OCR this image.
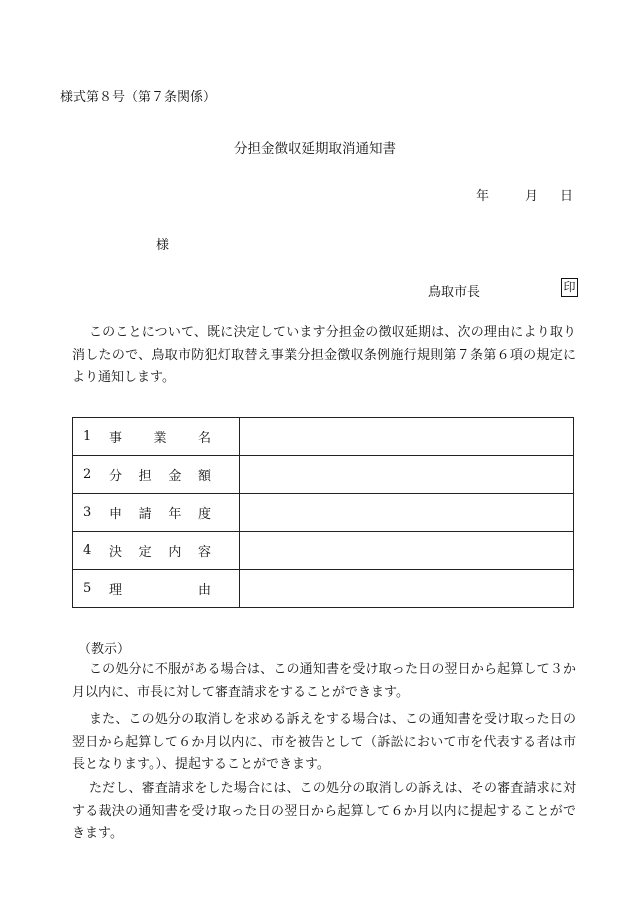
様式第８号（第７条関係）
分担金徴収延期取消通知書
年	月 日
様
鳥取市長	印
このことについて、既に決定しています分担金の徴収延期は、次の理由により取り消したので、鳥取市防犯灯取替え事業分担金徴収条例施行規則第７条第６項の規定により通知します。
1 事 業 名	

2 分 担 金 額	

3 申 請 年 度	

4 決 定 内 容	

5 理 由	

（教示）
この処分に不服がある場合は、この通知書を受け取った日の翌日から起算して３か月以内に、市長に対して審査請求をすることができます。
また、この処分の取消しを求める訴えをする場合は、この通知書を受け取った日の翌日から起算して６か月以内に、市を被告として（訴訟において市を代表する者は市長となります。）、提起することができます。
ただし、審査請求をした場合には、この処分の取消しの訴えは、その審査請求に対する裁決の通知書を受け取った日の翌日から起算して６か月以内に提起することができます。
